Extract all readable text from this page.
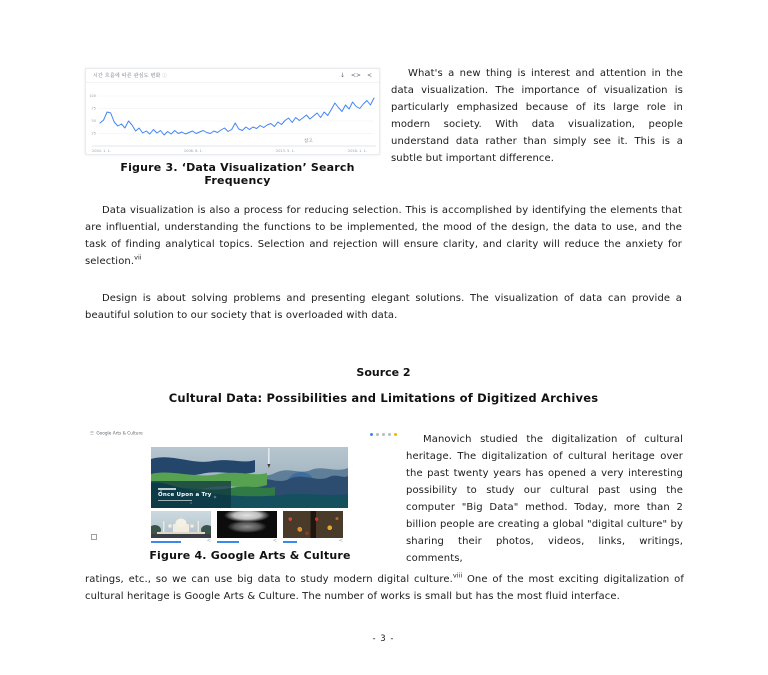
시간 흐름에 따른 관심도 변화 ⓘ	↓ <> <
100
75
50
25
2004. 1. 1.	2008. 6. 1.	2013. 5. 1.	2018. 1. 1.
참고
Figure 3. ‘Data Visualization’ Search
Frequency

What's a new thing is interest and attention in the data visualization. The importance of visualization is particularly emphasized because of its large role in modern society. With data visualization, people understand data rather than simply see it. This is a subtle but important difference.

Data visualization is also a process for reducing selection. This is accomplished by identifying the elements that are influential, understanding the functions to be implemented, the mood of the design, the data to use, and the task of finding analytical topics. Selection and rejection will ensure clarity, and clarity will reduce the anxiety for selection.$^{vii}$

Design is about solving problems and presenting elegant solutions. The visualization of data can provide a beautiful solution to our society that is overloaded with data.

Source 2
Cultural Data: Possibilities and Limitations of Digitized Archives
☰ Google Arts & Culture
Once Upon a Try
<	<	<
Figure 4. Google Arts & Culture

Manovich studied the digitalization of cultural heritage. The digitalization of cultural heritage over the past twenty years has opened a very interesting possibility to study our cultural past using the computer "Big Data" method. Today, more than 2 billion people are creating a global "digital culture" by sharing their photos, videos, links, writings, comments,

ratings, etc., so we can use big data to study modern digital culture.$^{viii}$ One of the most exciting digitalization of cultural heritage is Google Arts & Culture. The number of works is small but has the most fluid interface.

- 3 -
